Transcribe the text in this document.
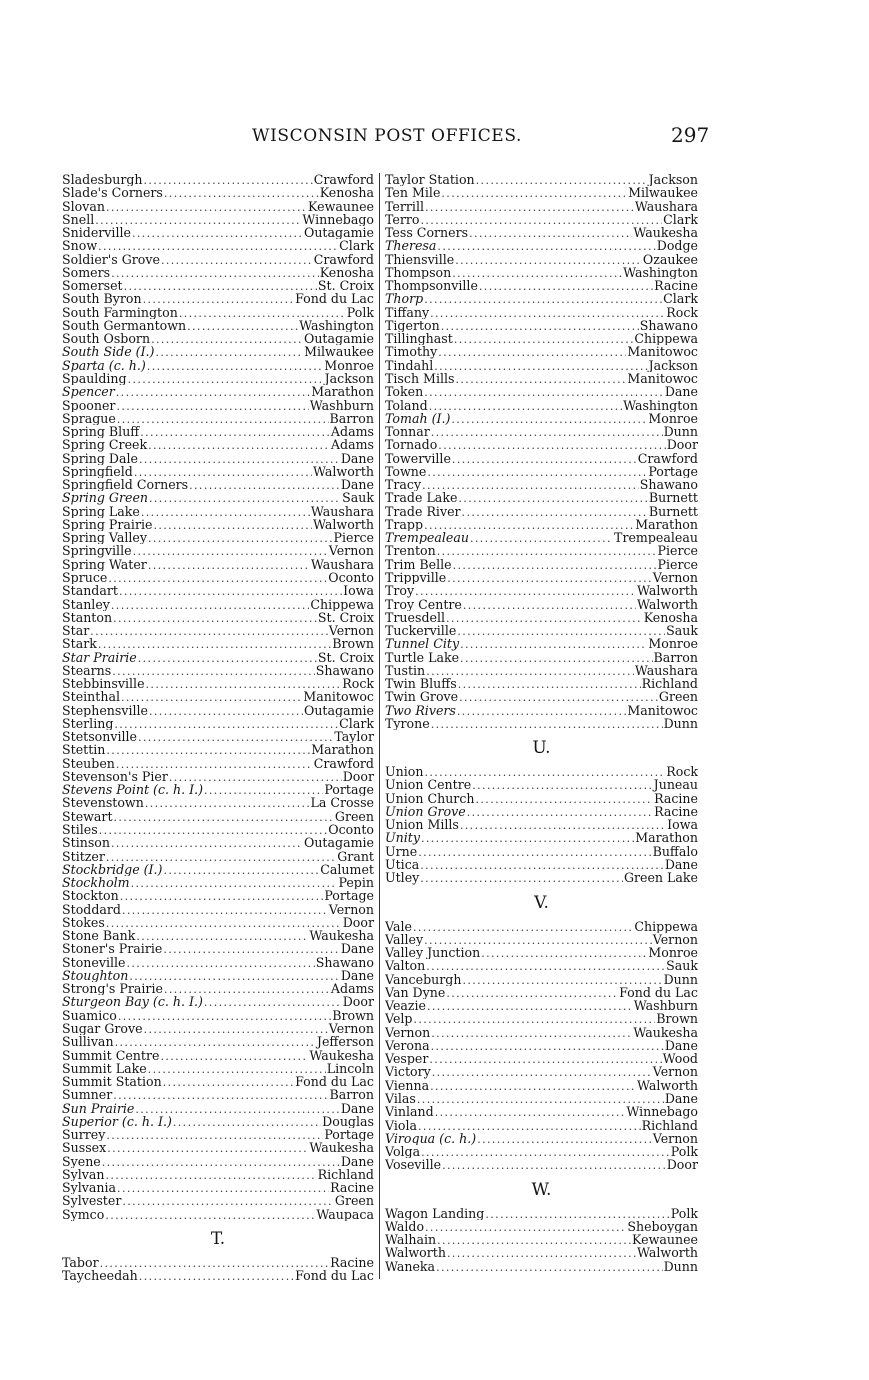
WISCONSIN POST OFFICES.	297
Sladesburgh .....	Crawford
Slade's Corners .....	Kenosha
Slovan .....	Kewaunee
Snell .....	Winnebago
Sniderville .....	Outagamie
Snow .....	Clark
Soldier's Grove .....	Crawford
Somers .....	Kenosha
Somerset .....	St. Croix
South Byron .....	Fond du Lac
South Farmington .....	Polk
South Germantown .....	Washington
South Osborn .....	Outagamie
South Side (I.) .....	Milwaukee
Sparta (c. h.) .....	Monroe
Spaulding .....	Jackson
Spencer .....	Marathon
Spooner .....	Washburn
Sprague .....	Barron
Spring Bluff .....	Adams
Spring Creek .....	Adams
Spring Dale .....	Dane
Springfield .....	Walworth
Springfield Corners .....	Dane
Spring Green .....	Sauk
Spring Lake .....	Waushara
Spring Prairie .....	Walworth
Spring Valley .....	Pierce
Springville .....	Vernon
Spring Water .....	Waushara
Spruce .....	Oconto
Standart .....	Iowa
Stanley .....	Chippewa
Stanton .....	St. Croix
Star .....	Vernon
Stark .....	Brown
Star Prairie .....	St. Croix
Stearns .....	Shawano
Stebbinsville .....	Rock
Steinthal .....	Manitowoc
Stephensville .....	Outagamie
Sterling .....	Clark
Stetsonville .....	Taylor
Stettin .....	Marathon
Steuben .....	Crawford
Stevenson's Pier .....	Door
Stevens Point (c. h. I.) .....	Portage
Stevenstown .....	La Crosse
Stewart .....	Green
Stiles .....	Oconto
Stinson .....	Outagamie
Stitzer .....	Grant
Stockbridge (I.) .....	Calumet
Stockholm .....	Pepin
Stockton .....	Portage
Stoddard .....	Vernon
Stokes .....	Door
Stone Bank .....	Waukesha
Stoner's Prairie .....	Dane
Stoneville .....	Shawano
Stoughton .....	Dane
Strong's Prairie .....	Adams
Sturgeon Bay (c. h. I.) .....	Door
Suamico .....	Brown
Sugar Grove .....	Vernon
Sullivan .....	Jefferson
Summit Centre .....	Waukesha
Summit Lake .....	Lincoln
Summit Station .....	Fond du Lac
Sumner .....	Barron
Sun Prairie .....	Dane
Superior (c. h. I.) .....	Douglas
Surrey .....	Portage
Sussex .....	Waukesha
Syene .....	Dane
Sylvan .....	Richland
Sylvania .....	Racine
Sylvester .....	Green
Symco .....	Waupaca
T.
Tabor .....	Racine
Taycheedah .....	Fond du Lac
Taylor Station .....	Jackson
Ten Mile .....	Milwaukee
Terrill .....	Waushara
Terro .....	Clark
Tess Corners .....	Waukesha
Theresa .....	Dodge
Thiensville .....	Ozaukee
Thompson .....	Washington
Thompsonville .....	Racine
Thorp .....	Clark
Tiffany .....	Rock
Tigerton .....	Shawano
Tillinghast .....	Chippewa
Timothy .....	Manitowoc
Tindahl .....	Jackson
Tisch Mills .....	Manitowoc
Token .....	Dane
Toland .....	Washington
Tomah (I.) .....	Monroe
Tonnar .....	Dunn
Tornado .....	Door
Towerville .....	Crawford
Towne .....	Portage
Tracy .....	Shawano
Trade Lake .....	Burnett
Trade River .....	Burnett
Trapp .....	Marathon
Trempealeau .....	Trempealeau
Trenton .....	Pierce
Trim Belle .....	Pierce
Trippville .....	Vernon
Troy .....	Walworth
Troy Centre .....	Walworth
Truesdell .....	Kenosha
Tuckerville .....	Sauk
Tunnel City .....	Monroe
Turtle Lake .....	Barron
Tustin .....	Waushara
Twin Bluffs .....	Richland
Twin Grove .....	Green
Two Rivers .....	Manitowoc
Tyrone .....	Dunn
U.
Union .....	Rock
Union Centre .....	Juneau
Union Church .....	Racine
Union Grove .....	Racine
Union Mills .....	Iowa
Unity .....	Marathon
Urne .....	Buffalo
Utica .....	Dane
Utley .....	Green Lake
V.
Vale .....	Chippewa
Valley .....	Vernon
Valley Junction .....	Monroe
Valton .....	Sauk
Vanceburgh .....	Dunn
Van Dyne .....	Fond du Lac
Veazie .....	Washburn
Velp .....	Brown
Vernon .....	Waukesha
Verona .....	Dane
Vesper .....	Wood
Victory .....	Vernon
Vienna .....	Walworth
Vilas .....	Dane
Vinland .....	Winnebago
Viola .....	Richland
Viroqua (c. h.) .....	Vernon
Volga .....	Polk
Voseville .....	Door
W.
Wagon Landing .....	Polk
Waldo .....	Sheboygan
Walhain .....	Kewaunee
Walworth .....	Walworth
Waneka .....	Dunn
